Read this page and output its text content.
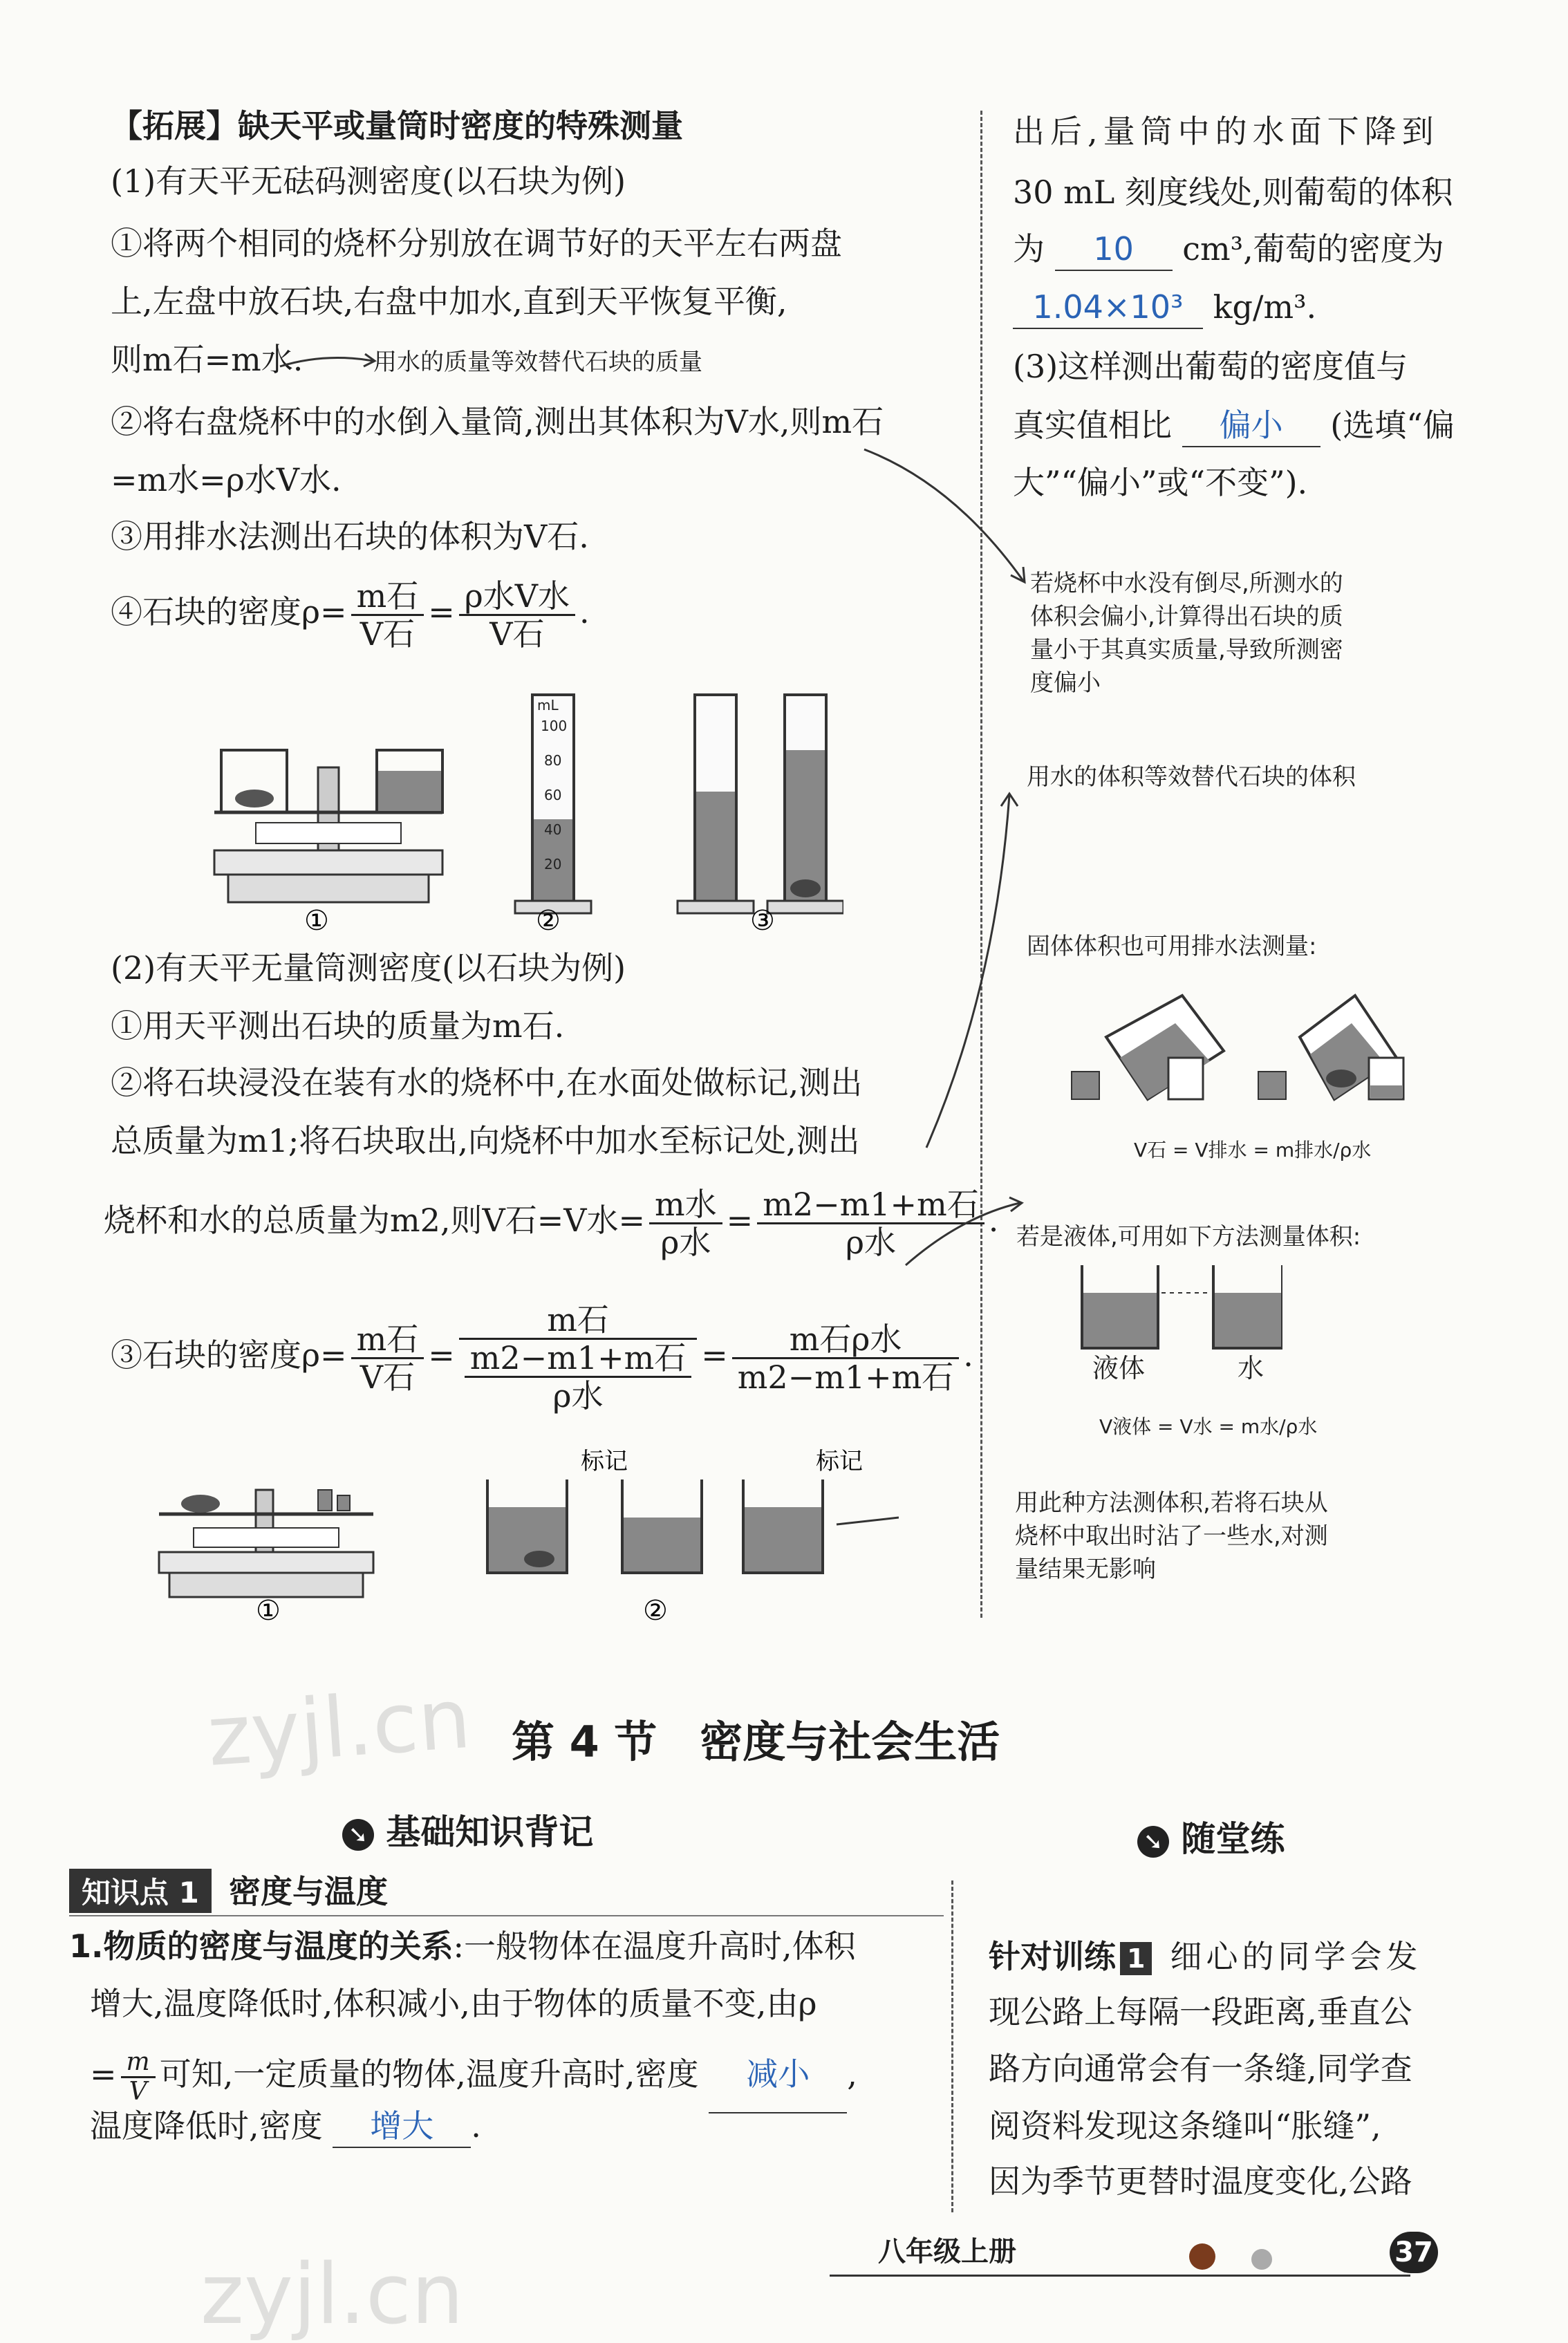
【拓展】缺天平或量筒时密度的特殊测量
(1)有天平无砝码测密度(以石块为例)
①将两个相同的烧杯分别放在调节好的天平左右两盘
上,左盘中放石块,右盘中加水,直到天平恢复平衡,
则m石=m水.	用水的质量等效替代石块的质量
②将右盘烧杯中的水倒入量筒,测出其体积为V水,则m石
=m水=ρ水V水.
③用排水法测出石块的体积为V石.
④石块的密度$\rho= \frac{\text{m石}}{\text{V石}} = \frac{\text{ρ水V水}}{\text{V石}}$ .
mL
100
80
60
40
20
①	②	③
(2)有天平无量筒测密度(以石块为例)
①用天平测出石块的质量为m石.
②将石块浸没在装有水的烧杯中,在水面处做标记,测出
总质量为m1;将石块取出,向烧杯中加水至标记处,测出
烧杯和水的总质量为m2,则V石=V水= $\frac{\text{m水}}{\text{ρ水}} = \frac{\text{m2−m1+m石}}{\text{ρ水}}$ .
③石块的密度$\rho= \frac{\text{m石}}{\text{V石}} = \frac{\text{m石}}{\frac{\text{m2−m1+m石}}{\text{ρ水}}} = \frac{\text{m石ρ水}}{\text{m2−m1+m石}}$ .
标记	标记
①	②
出后,量筒中的水面下降到
30 mL 刻度线处,则葡萄的体积
为 10 cm³,葡萄的密度为
1.04×10³ kg/m³.
(3)这样测出葡萄的密度值与
真实值相比 偏小 (选填“偏
大”“偏小”或“不变”).
若烧杯中水没有倒尽,所测水的
体积会偏小,计算得出石块的质
量小于其真实质量,导致所测密
度偏小
用水的体积等效替代石块的体积
固体体积也可用排水法测量:
V石 = V排水 = m排水/ρ水
若是液体,可用如下方法测量体积:
液体	水
V液体 = V水 = m水/ρ水
用此种方法测体积,若将石块从
烧杯中取出时沾了一些水,对测
量结果无影响
zyjl.cn 第 4 节　密度与社会生活
➘ 基础知识背记	➘ 随堂练
知识点 1 密度与温度
1.物质的密度与温度的关系:一般物体在温度升高时,体积
增大,温度降低时,体积减小,由于物体的质量不变,由ρ
= $\frac{m}{V}$ 可知,一定质量的物体,温度升高时,密度 减小 ,
温度降低时,密度 增大 .
针对训练 1 细心的同学会发
现公路上每隔一段距离,垂直公
路方向通常会有一条缝,同学查
阅资料发现这条缝叫“胀缝”,
因为季节更替时温度变化,公路
八年级上册	37
zyjl.cn
